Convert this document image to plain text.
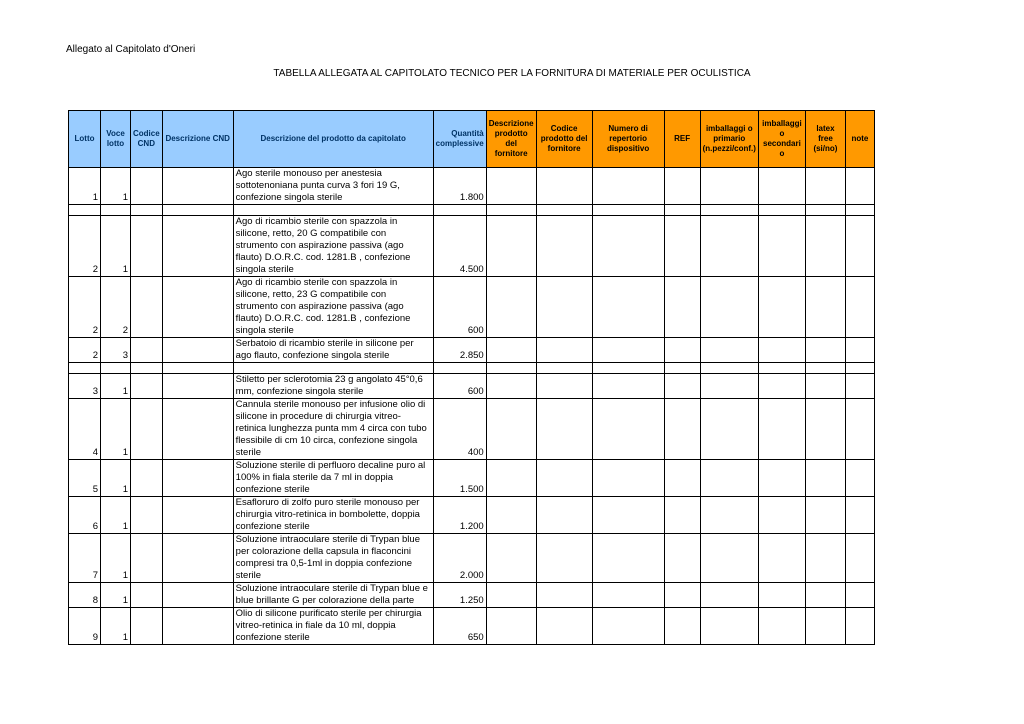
Allegato al Capitolato d'Oneri
TABELLA ALLEGATA AL CAPITOLATO TECNICO PER LA FORNITURA DI MATERIALE PER OCULISTICA
Lotto	Voce lotto	Codice CND	Descrizione CND	Descrizione del prodotto da capitolato	Quantità complessive	Descrizione prodotto del fornitore	Codice prodotto del fornitore	Numero di repertorio dispositivo	REF	imballaggi o primario (n.pezzi/conf.)	imballaggi o secondari o	latex free (si/no)	note
1	1			Ago sterile monouso per anestesia sottotenoniana punta curva 3 fori 19 G, confezione singola sterile	1.800								

2	1			Ago di ricambio sterile con spazzola in silicone, retto, 20 G compatibile con strumento con aspirazione passiva (ago flauto) D.O.R.C. cod. 1281.B , confezione singola sterile	4.500								
2	2			Ago di ricambio sterile con spazzola in silicone, retto, 23 G compatibile con strumento con aspirazione passiva (ago flauto) D.O.R.C. cod. 1281.B , confezione singola sterile	600								
2	3			Serbatoio di ricambio sterile in silicone per ago flauto, confezione singola sterile	2.850								

3	1			Stiletto per sclerotomia 23 g angolato 45°0,6 mm, confezione singola sterile	600								
4	1			Cannula sterile monouso per infusione olio di silicone in procedure di chirurgia vitreo-retinica lunghezza punta mm 4 circa con tubo flessibile di cm 10 circa, confezione singola sterile	400								
5	1			Soluzione sterile di perfluoro decaline puro al 100% in fiala sterile da 7 ml in doppia confezione sterile	1.500								
6	1			Esafloruro di zolfo puro sterile monouso per chirurgia vitro-retinica in bombolette, doppia confezione sterile	1.200								
7	1			Soluzione intraoculare sterile di Trypan blue per colorazione della capsula in flaconcini compresi tra 0,5-1ml in doppia confezione sterile	2.000								
8	1			Soluzione intraoculare sterile di Trypan blue e blue brillante G per colorazione della parte	1.250								
9	1			Olio di silicone purificato sterile per chirurgia vitreo-retinica in fiale da 10 ml, doppia confezione sterile	650								
